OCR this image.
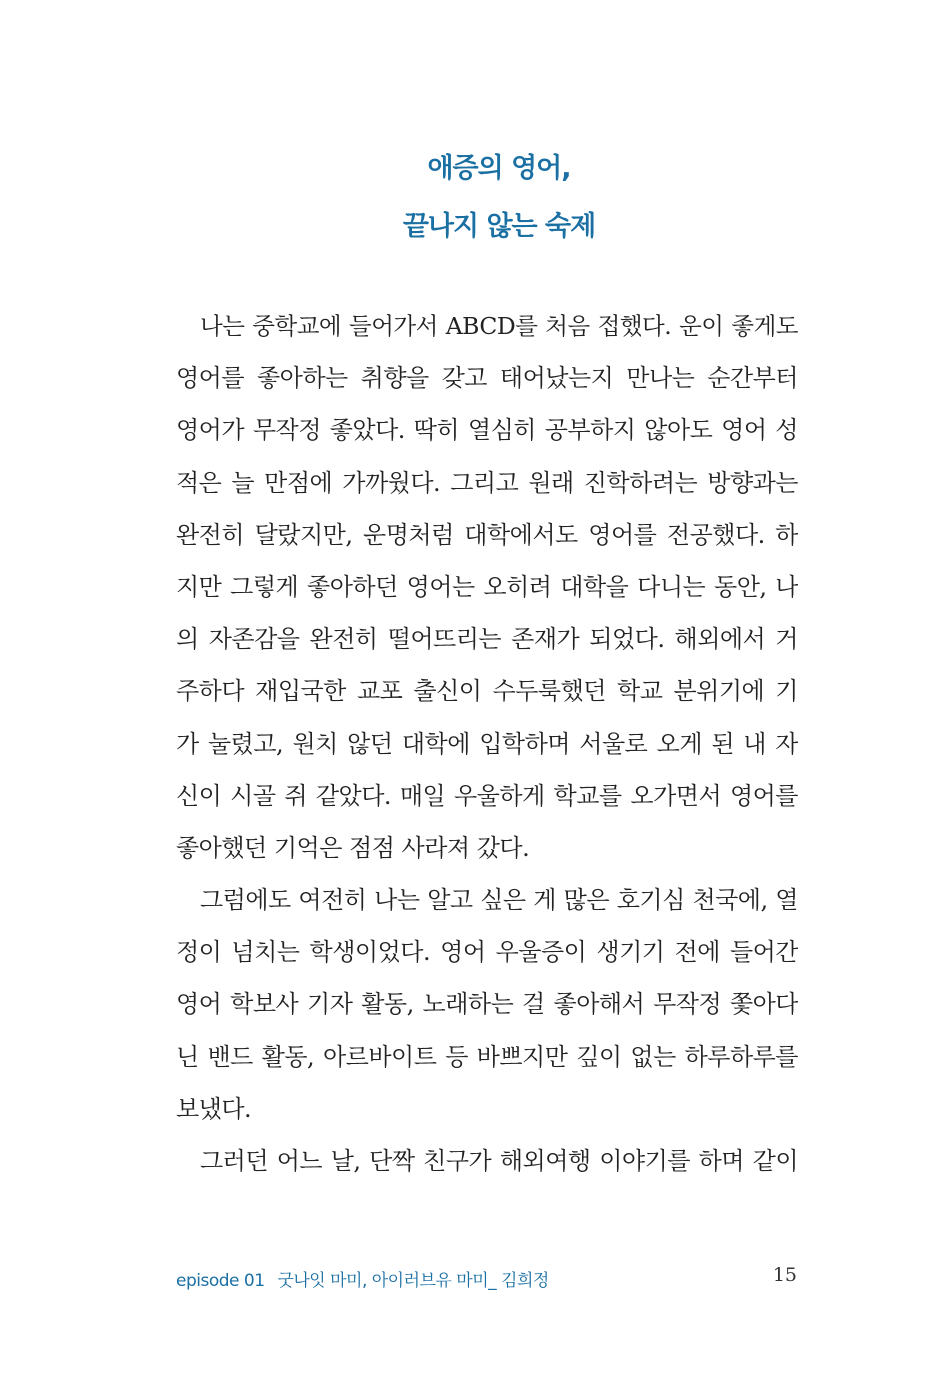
애증의 영어,
끝나지 않는 숙제
나는 중학교에 들어가서 ABCD를 처음 접했다. 운이 좋게도
영어를 좋아하는 취향을 갖고 태어났는지 만나는 순간부터
영어가 무작정 좋았다. 딱히 열심히 공부하지 않아도 영어 성
적은 늘 만점에 가까웠다. 그리고 원래 진학하려는 방향과는
완전히 달랐지만, 운명처럼 대학에서도 영어를 전공했다. 하
지만 그렇게 좋아하던 영어는 오히려 대학을 다니는 동안, 나
의 자존감을 완전히 떨어뜨리는 존재가 되었다. 해외에서 거
주하다 재입국한 교포 출신이 수두룩했던 학교 분위기에 기
가 눌렸고, 원치 않던 대학에 입학하며 서울로 오게 된 내 자
신이 시골 쥐 같았다. 매일 우울하게 학교를 오가면서 영어를
좋아했던 기억은 점점 사라져 갔다.
그럼에도 여전히 나는 알고 싶은 게 많은 호기심 천국에, 열
정이 넘치는 학생이었다. 영어 우울증이 생기기 전에 들어간
영어 학보사 기자 활동, 노래하는 걸 좋아해서 무작정 쫓아다
닌 밴드 활동, 아르바이트 등 바쁘지만 깊이 없는 하루하루를
보냈다.
그러던 어느 날, 단짝 친구가 해외여행 이야기를 하며 같이
episode 01 굿나잇 마미, 아이러브유 마미_ 김희정	15
